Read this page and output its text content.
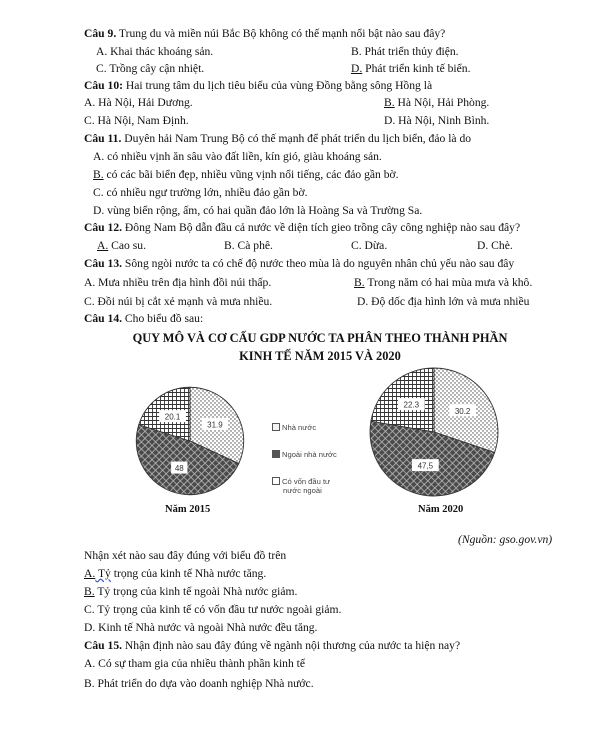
Câu 9. Trung du và miền núi Bắc Bộ không có thế mạnh nổi bật nào sau đây?
A. Khai thác khoáng sản.	B. Phát triển thủy điện.
C. Trồng cây cận nhiệt.	D. Phát triển kinh tế biển.
Câu 10: Hai trung tâm du lịch tiêu biểu của vùng Đồng bằng sông Hồng là
A. Hà Nội, Hải Dương.	B. Hà Nội, Hải Phòng.
C. Hà Nội, Nam Định.	D. Hà Nội, Ninh Bình.
Câu 11. Duyên hải Nam Trung Bộ có thế mạnh để phát triển du lịch biển, đảo là do
A. có nhiều vịnh ăn sâu vào đất liền, kín gió, giàu khoáng sản.
B. có các bãi biển đẹp, nhiều vũng vịnh nổi tiếng, các đảo gần bờ.
C. có nhiều ngư trường lớn, nhiều đảo gần bờ.
D. vùng biển rộng, ấm, có hai quần đảo lớn là Hoàng Sa và Trường Sa.
Câu 12. Đông Nam Bộ dẫn đầu cả nước về diện tích gieo trồng cây công nghiệp nào sau đây?
A. Cao su.	B. Cà phê.	C. Dừa.	D. Chè.
Câu 13. Sông ngòi nước ta có chế độ nước theo mùa là do nguyên nhân chủ yếu nào sau đây
A. Mưa nhiều trên địa hình đồi núi thấp.	B. Trong năm có hai mùa mưa và khô.
C. Đồi núi bị cắt xẻ mạnh và mưa nhiều.	D. Độ dốc địa hình lớn và mưa nhiều
Câu 14. Cho biểu đồ sau:
QUY MÔ VÀ CƠ CẤU GDP NƯỚC TA PHÂN THEO THÀNH PHẦN
KINH TẾ NĂM 2015 VÀ 2020
31.9
48
20.1
30.2
47,5
22.3
Năm 2015	Năm 2020
Nhà nước
Ngoài nhà nước
Có vốn đầu tư
nước ngoài
(Nguồn: gso.gov.vn)
Nhận xét nào sau đây đúng với biểu đồ trên
A. Tỷ trọng của kinh tế Nhà nước tăng.
B. Tỷ trọng của kinh tế ngoài Nhà nước giảm.
C. Tỷ trọng của kinh tế có vốn đầu tư nước ngoài giảm.
D. Kinh tế Nhà nước và ngoài Nhà nước đều tăng.
Câu 15. Nhận định nào sau đây đúng về ngành nội thương của nước ta hiện nay?
A. Có sự tham gia của nhiều thành phần kinh tế
B. Phát triển do dựa vào doanh nghiệp Nhà nước.
